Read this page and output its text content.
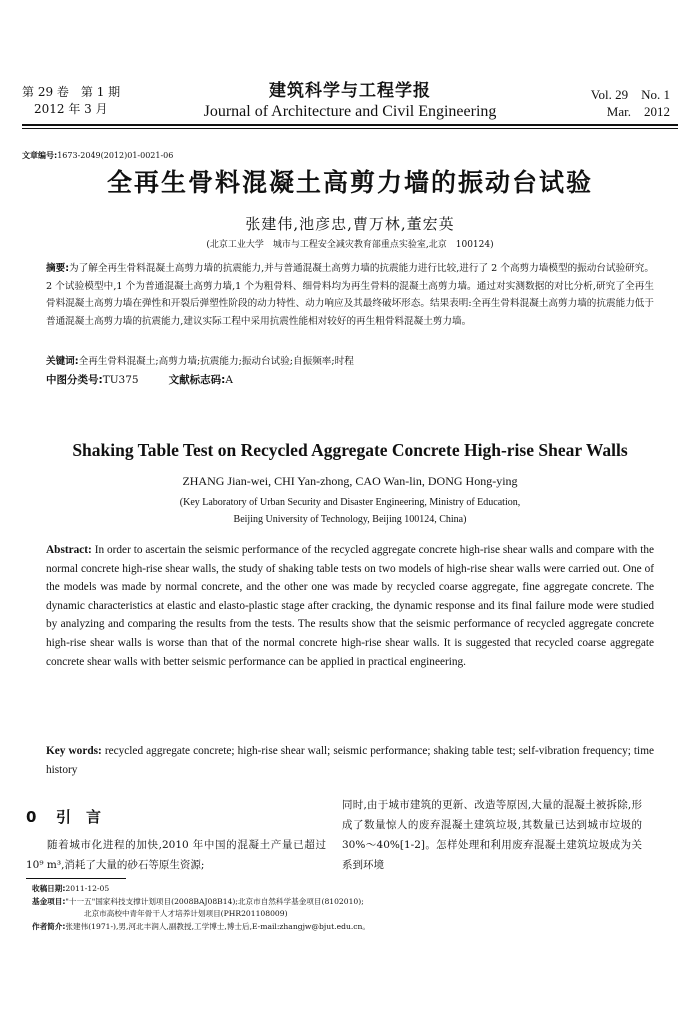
第 29 卷　第 1 期
2012 年 3 月
建筑科学与工程学报
Journal of Architecture and Civil Engineering
Vol. 29　No. 1
Mar.　2012
文章编号:1673-2049(2012)01-0021-06
全再生骨料混凝土高剪力墙的振动台试验
张建伟,池彦忠,曹万林,董宏英
(北京工业大学　城市与工程安全减灾教育部重点实验室,北京　100124)
摘要:为了解全再生骨料混凝土高剪力墙的抗震能力,并与普通混凝土高剪力墙的抗震能力进行比较,进行了 2 个高剪力墙模型的振动台试验研究。2 个试验模型中,1 个为普通混凝土高剪力墙,1 个为粗骨料、细骨料均为再生骨料的混凝土高剪力墙。通过对实测数据的对比分析,研究了全再生骨料混凝土高剪力墙在弹性和开裂后弹塑性阶段的动力特性、动力响应及其最终破坏形态。结果表明:全再生骨料混凝土高剪力墙的抗震能力低于普通混凝土高剪力墙的抗震能力,建议实际工程中采用抗震性能相对较好的再生粗骨料混凝土剪力墙。
关键词:全再生骨料混凝土;高剪力墙;抗震能力;振动台试验;自振频率;时程
中图分类号:TU375	文献标志码:A
Shaking Table Test on Recycled Aggregate Concrete High-rise Shear Walls
ZHANG Jian-wei, CHI Yan-zhong, CAO Wan-lin, DONG Hong-ying
(Key Laboratory of Urban Security and Disaster Engineering, Ministry of Education,
Beijing University of Technology, Beijing 100124, China)
Abstract: In order to ascertain the seismic performance of the recycled aggregate concrete high-rise shear walls and compare with the normal concrete high-rise shear walls, the study of shaking table tests on two models of high-rise shear walls were carried out. One of the models was made by normal concrete, and the other one was made by recycled coarse aggregate, fine aggregate concrete. The dynamic characteristics at elastic and elasto-plastic stage after cracking, the dynamic response and its final failure mode were studied by analyzing and comparing the results from the tests. The results show that the seismic performance of recycled aggregate concrete high-rise shear walls is worse than that of the normal concrete high-rise shear walls. It is suggested that recycled coarse aggregate concrete shear walls with better seismic performance can be applied in practical engineering.
Key words: recycled aggregate concrete; high-rise shear wall; seismic performance; shaking table test; self-vibration frequency; time history
0 引　言
随着城市化进程的加快,2010 年中国的混凝土产量已超过 10⁹ m³,消耗了大量的砂石等原生资源;
同时,由于城市建筑的更新、改造等原因,大量的混凝土被拆除,形成了数量惊人的废弃混凝土建筑垃圾,其数量已达到城市垃圾的 30%～40%[1-2]。怎样处理和利用废弃混凝土建筑垃圾成为关系到环境
收稿日期:2011-12-05
基金项目:"十一五"国家科技支撑计划项目(2008BAJ08B14);北京市自然科学基金项目(8102010);
北京市高校中青年骨干人才培养计划项目(PHR201108009)
作者简介:张建伟(1971-),男,河北丰润人,副教授,工学博士,博士后,E-mail:zhangjw@bjut.edu.cn。
